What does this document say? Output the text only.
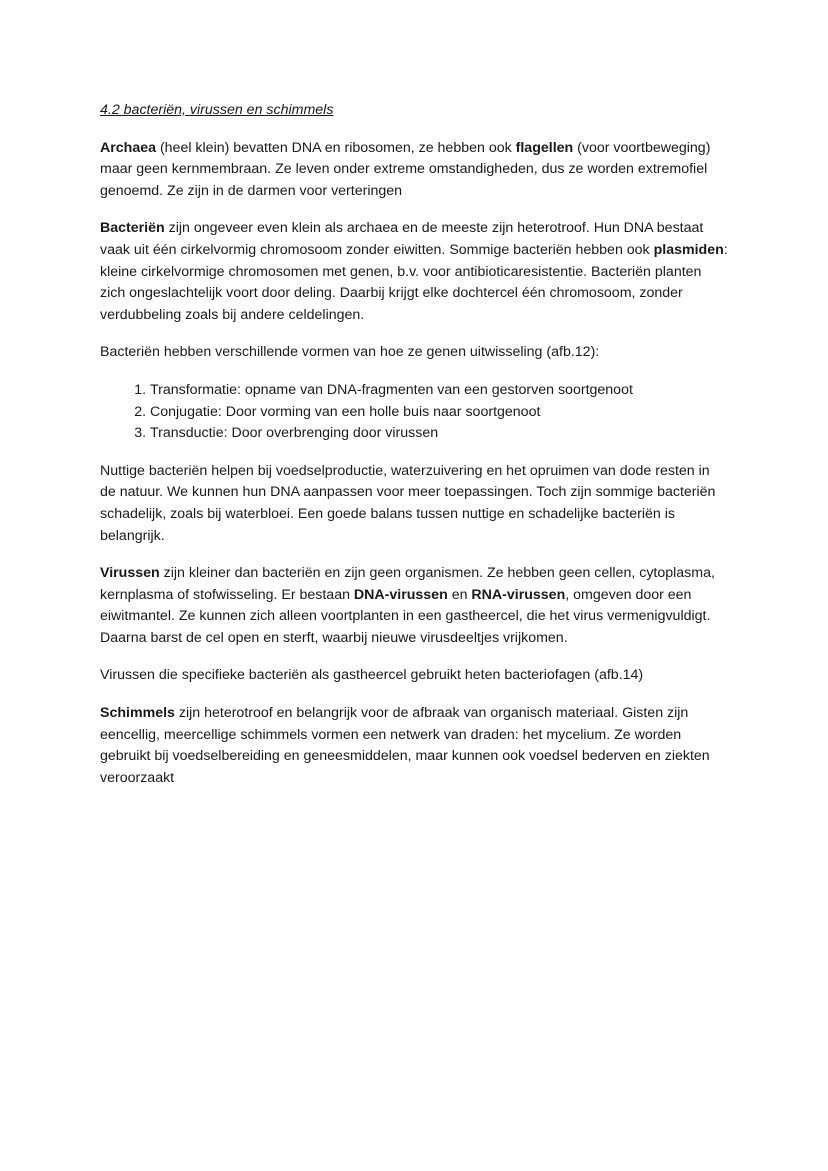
4.2 bacteriën, virussen en schimmels

Archaea (heel klein) bevatten DNA en ribosomen, ze hebben ook flagellen (voor voortbeweging) maar geen kernmembraan. Ze leven onder extreme omstandigheden, dus ze worden extremofiel genoemd. Ze zijn in de darmen voor verteringen

Bacteriën zijn ongeveer even klein als archaea en de meeste zijn heterotroof. Hun DNA bestaat vaak uit één cirkelvormig chromosoom zonder eiwitten. Sommige bacteriën hebben ook plasmiden: kleine cirkelvormige chromosomen met genen, b.v. voor antibioticaresistentie. Bacteriën planten zich ongeslachtelijk voort door deling. Daarbij krijgt elke dochtercel één chromosoom, zonder verdubbeling zoals bij andere celdelingen.

Bacteriën hebben verschillende vormen van hoe ze genen uitwisseling (afb.12):

1. Transformatie: opname van DNA-fragmenten van een gestorven soortgenoot
2. Conjugatie: Door vorming van een holle buis naar soortgenoot
3. Transductie: Door overbrenging door virussen

Nuttige bacteriën helpen bij voedselproductie, waterzuivering en het opruimen van dode resten in de natuur. We kunnen hun DNA aanpassen voor meer toepassingen. Toch zijn sommige bacteriën schadelijk, zoals bij waterbloei. Een goede balans tussen nuttige en schadelijke bacteriën is belangrijk.

Virussen zijn kleiner dan bacteriën en zijn geen organismen. Ze hebben geen cellen, cytoplasma, kernplasma of stofwisseling. Er bestaan DNA-virussen en RNA-virussen, omgeven door een eiwitmantel. Ze kunnen zich alleen voortplanten in een gastheercel, die het virus vermenigvuldigt. Daarna barst de cel open en sterft, waarbij nieuwe virusdeeltjes vrijkomen.

Virussen die specifieke bacteriën als gastheercel gebruikt heten bacteriofagen (afb.14)

Schimmels zijn heterotroof en belangrijk voor de afbraak van organisch materiaal. Gisten zijn eencellig, meercellige schimmels vormen een netwerk van draden: het mycelium. Ze worden gebruikt bij voedselbereiding en geneesmiddelen, maar kunnen ook voedsel bederven en ziekten veroorzaakt
